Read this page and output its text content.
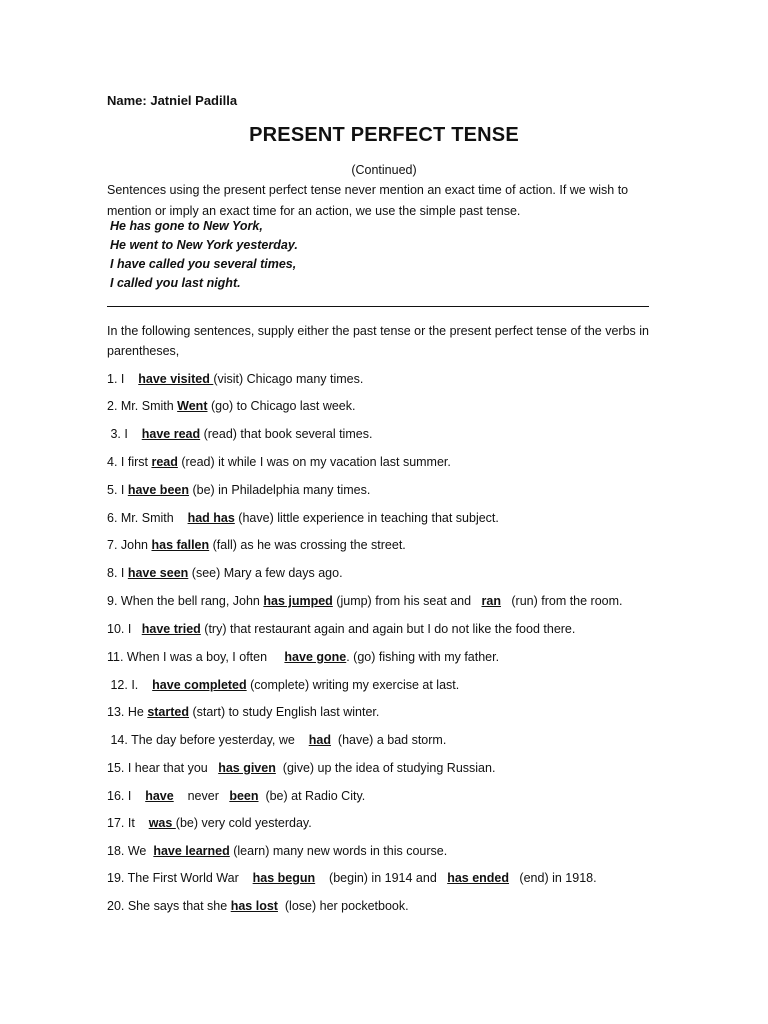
Name: Jatniel Padilla
PRESENT PERFECT TENSE
(Continued)
Sentences using the present perfect tense never mention an exact time of action. If we wish to mention or imply an exact time for an action, we use the simple past tense.
He has gone to New York,
He went to New York yesterday.
I have called you several times,
I called you last night.
In the following sentences, supply either the past tense or the present perfect tense of the verbs in parentheses,
1. I    have visited (visit) Chicago many times.
2. Mr. Smith Went (go) to Chicago last week.
3. I    have read (read) that book several times.
4. I first read (read) it while I was on my vacation last summer.
5. I have been (be) in Philadelphia many times.
6. Mr. Smith    had has (have) little experience in teaching that subject.
7. John has fallen (fall) as he was crossing the street.
8. I have seen (see) Mary a few days ago.
9. When the bell rang, John has jumped (jump) from his seat and   ran   (run) from the room.
10. I   have tried (try) that restaurant again and again but I do not like the food there.
11. When I was a boy, I often     have gone. (go) fishing with my father.
12. I.    have completed (complete) writing my exercise at last.
13. He started (start) to study English last winter.
14. The day before yesterday, we    had  (have) a bad storm.
15. I hear that you   has given  (give) up the idea of studying Russian.
16. I    have    never   been  (be) at Radio City.
17. It    was (be) very cold yesterday.
18. We  have learned (learn) many new words in this course.
19. The First World War    has begun    (begin) in 1914 and   has ended   (end) in 1918.
20. She says that she has lost  (lose) her pocketbook.
